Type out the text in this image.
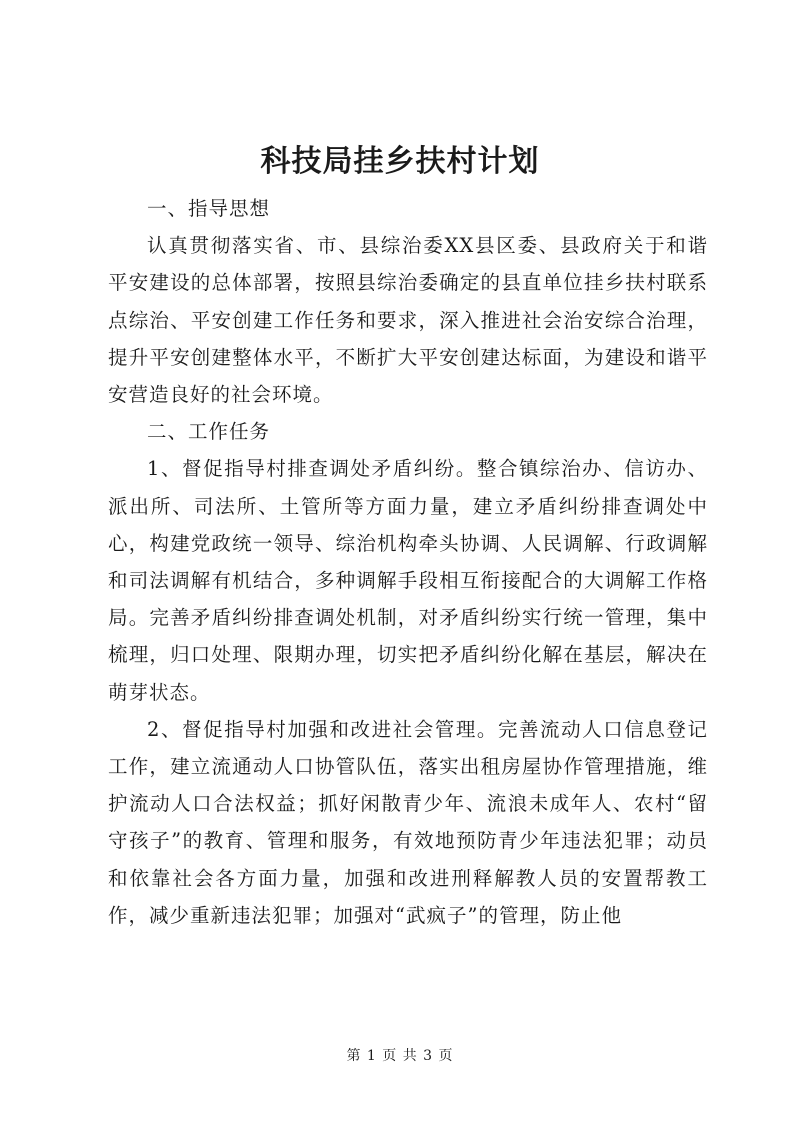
科技局挂乡扶村计划

一、指导思想

认真贯彻落实省、市、县综治委XX县区委、县政府关于和谐平安建设的总体部署，按照县综治委确定的县直单位挂乡扶村联系点综治、平安创建工作任务和要求，深入推进社会治安综合治理，提升平安创建整体水平，不断扩大平安创建达标面，为建设和谐平安营造良好的社会环境。

二、工作任务

1、督促指导村排查调处矛盾纠纷。整合镇综治办、信访办、派出所、司法所、土管所等方面力量，建立矛盾纠纷排查调处中心，构建党政统一领导、综治机构牵头协调、人民调解、行政调解和司法调解有机结合，多种调解手段相互衔接配合的大调解工作格局。完善矛盾纠纷排查调处机制，对矛盾纠纷实行统一管理，集中梳理，归口处理、限期办理，切实把矛盾纠纷化解在基层，解决在萌芽状态。

2、督促指导村加强和改进社会管理。完善流动人口信息登记工作，建立流通动人口协管队伍，落实出租房屋协作管理措施，维护流动人口合法权益；抓好闲散青少年、流浪未成年人、农村“留守孩子”的教育、管理和服务，有效地预防青少年违法犯罪；动员和依靠社会各方面力量，加强和改进刑释解教人员的安置帮教工作，减少重新违法犯罪；加强对“武疯子”的管理，防止他

第 1 页 共 3 页
